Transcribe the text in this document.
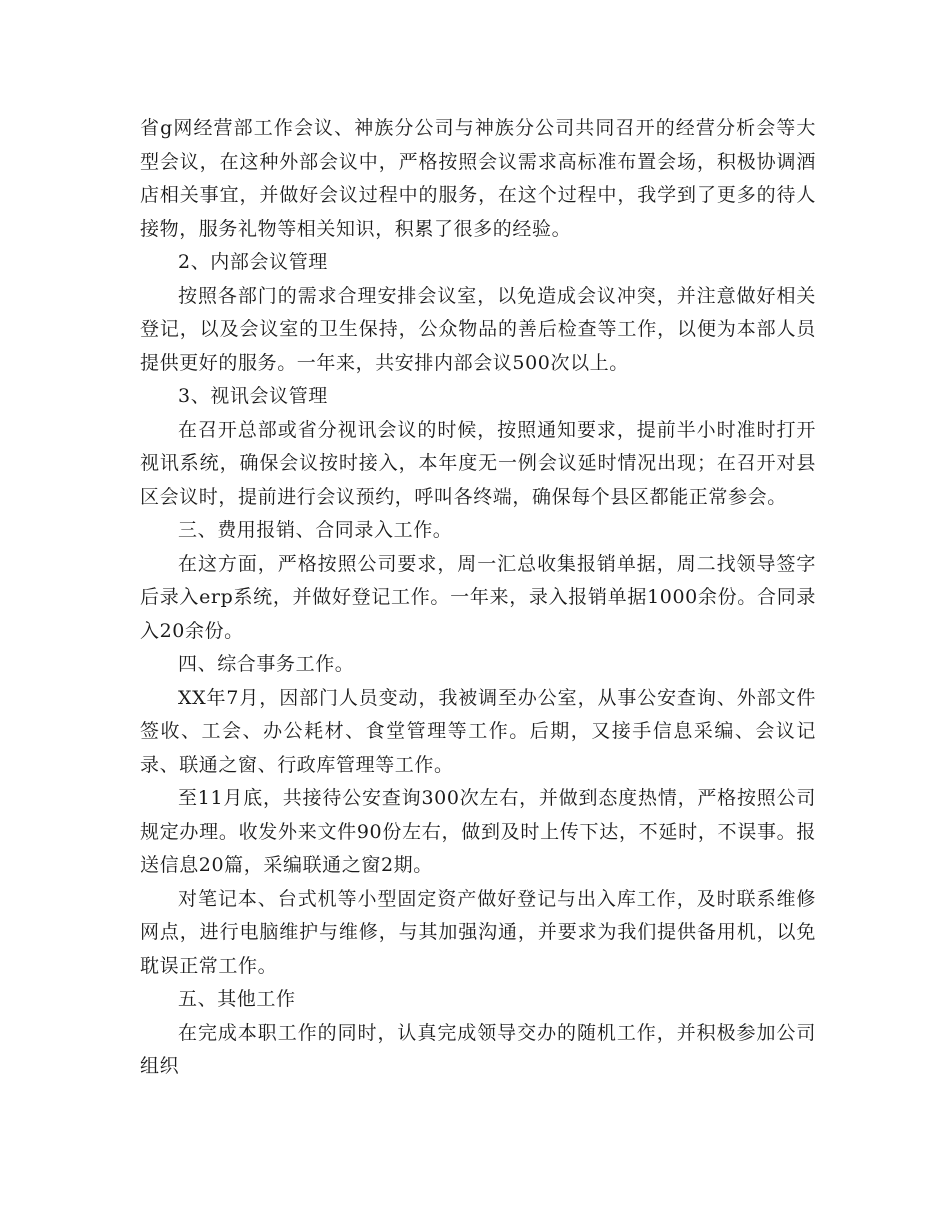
省g网经营部工作会议、神族分公司与神族分公司共同召开的经营分析会等大型会议，在这种外部会议中，严格按照会议需求高标准布置会场，积极协调酒店相关事宜，并做好会议过程中的服务，在这个过程中，我学到了更多的待人接物，服务礼物等相关知识，积累了很多的经验。

2、内部会议管理

按照各部门的需求合理安排会议室，以免造成会议冲突，并注意做好相关登记，以及会议室的卫生保持，公众物品的善后检查等工作，以便为本部人员提供更好的服务。一年来，共安排内部会议500次以上。

3、视讯会议管理

在召开总部或省分视讯会议的时候，按照通知要求，提前半小时准时打开视讯系统，确保会议按时接入，本年度无一例会议延时情况出现；在召开对县区会议时，提前进行会议预约，呼叫各终端，确保每个县区都能正常参会。

三、费用报销、合同录入工作。

在这方面，严格按照公司要求，周一汇总收集报销单据，周二找领导签字后录入erp系统，并做好登记工作。一年来，录入报销单据1000余份。合同录入20余份。

四、综合事务工作。

XX年7月，因部门人员变动，我被调至办公室，从事公安查询、外部文件签收、工会、办公耗材、食堂管理等工作。后期，又接手信息采编、会议记录、联通之窗、行政库管理等工作。

至11月底，共接待公安查询300次左右，并做到态度热情，严格按照公司规定办理。收发外来文件90份左右，做到及时上传下达，不延时，不误事。报送信息20篇，采编联通之窗2期。

对笔记本、台式机等小型固定资产做好登记与出入库工作，及时联系维修网点，进行电脑维护与维修，与其加强沟通，并要求为我们提供备用机，以免耽误正常工作。

五、其他工作

在完成本职工作的同时，认真完成领导交办的随机工作，并积极参加公司组织
